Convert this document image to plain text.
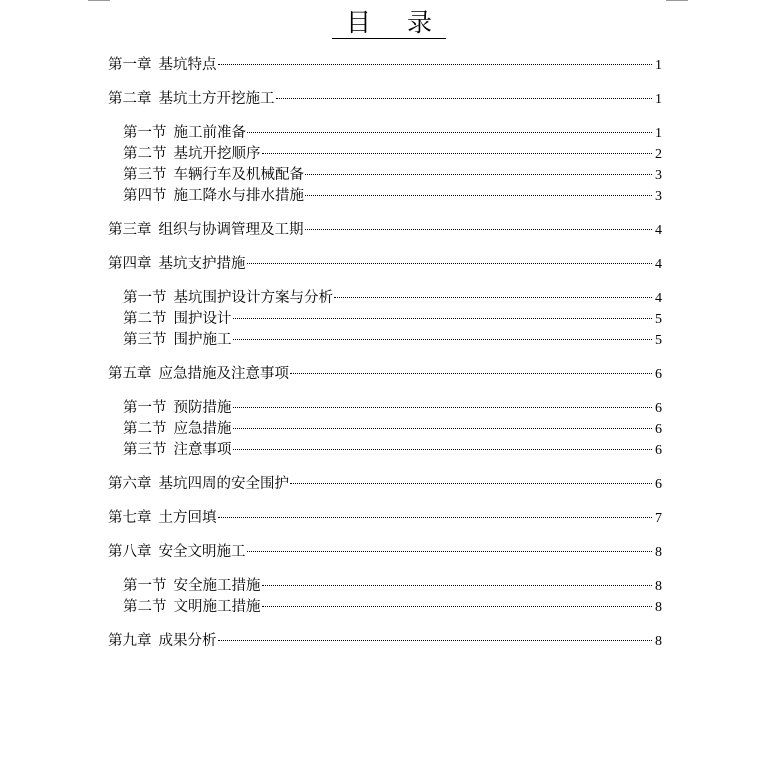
目 录
第一章 基坑特点	1
第二章 基坑土方开挖施工	1
第一节 施工前准备	1
第二节 基坑开挖顺序	2
第三节 车辆行车及机械配备	3
第四节 施工降水与排水措施	3
第三章 组织与协调管理及工期	4
第四章 基坑支护措施	4
第一节 基坑围护设计方案与分析	4
第二节 围护设计	5
第三节 围护施工	5
第五章 应急措施及注意事项	6
第一节 预防措施	6
第二节 应急措施	6
第三节 注意事项	6
第六章 基坑四周的安全围护	6
第七章 土方回填	7
第八章 安全文明施工	8
第一节 安全施工措施	8
第二节 文明施工措施	8
第九章 成果分析	8
